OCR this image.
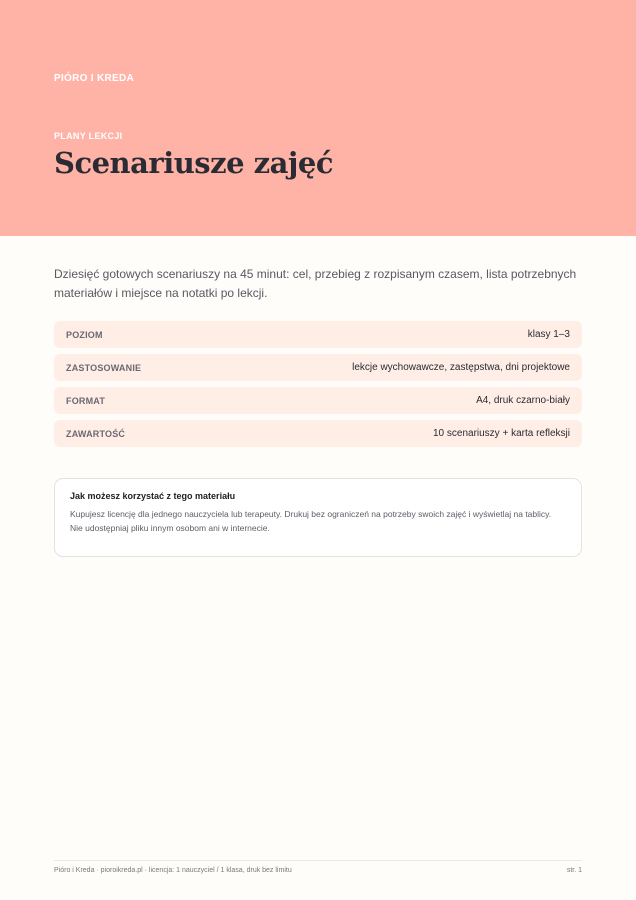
PIÓRO I KREDA
PLANY LEKCJI
Scenariusze zajęć

Dziesięć gotowych scenariuszy na 45 minut: cel, przebieg z rozpisanym czasem, lista potrzebnych materiałów i miejsce na notatki po lekcji.

POZIOM	klasy 1–3
ZASTOSOWANIE	lekcje wychowawcze, zastępstwa, dni projektowe
FORMAT	A4, druk czarno-biały
ZAWARTOŚĆ	10 scenariuszy + karta refleksji
Jak możesz korzystać z tego materiału

Kupujesz licencję dla jednego nauczyciela lub terapeuty. Drukuj bez ograniczeń na potrzeby swoich zajęć i wyświetlaj na tablicy. Nie udostępniaj pliku innym osobom ani w internecie.

Pióro i Kreda · pioroikreda.pl · licencja: 1 nauczyciel / 1 klasa, druk bez limitu	str. 1
